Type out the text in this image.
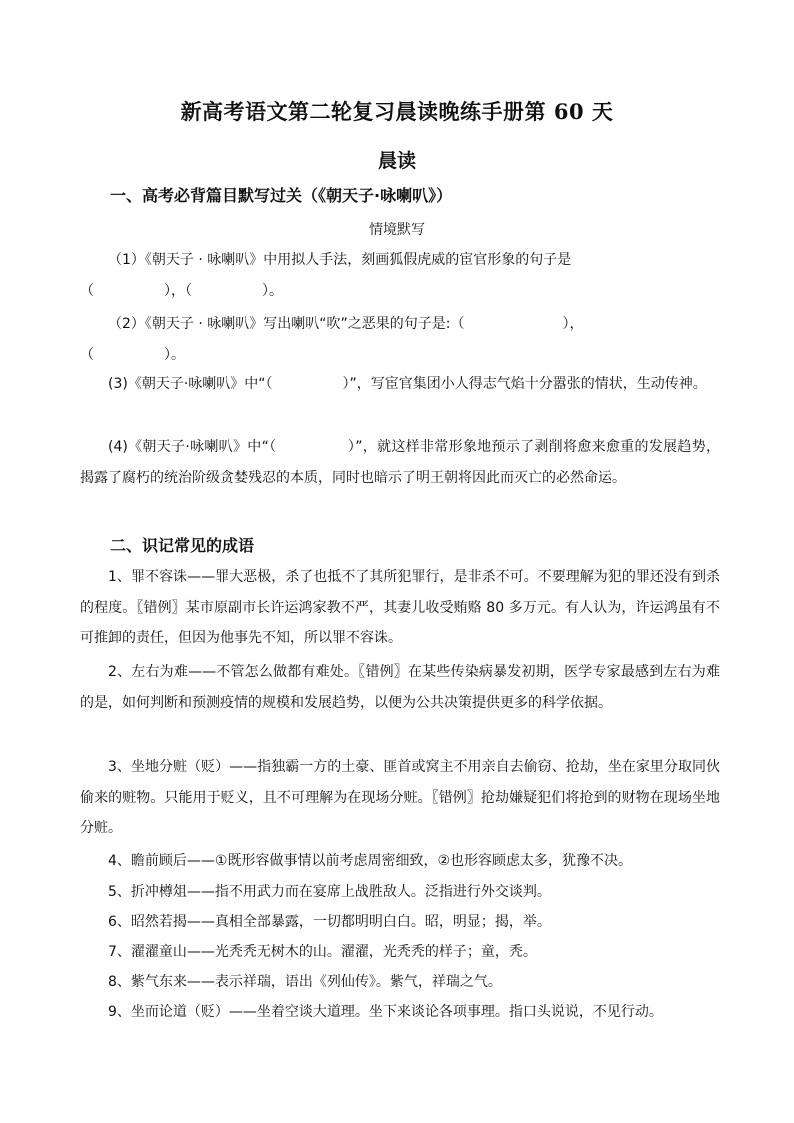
新高考语文第二轮复习晨读晚练手册第 60 天
晨读
一、高考必背篇目默写过关（《朝天子·咏喇叭》）
情境默写
（1）《朝天子 · 咏喇叭》中用拟人手法，刻画狐假虎威的宦官形象的句子是
（　　　　　），（　　　　　）。
（2）《朝天子 · 咏喇叭》写出喇叭“吹”之恶果的句子是:（　　　　　　　），
（　　　　　）。
(3)《朝天子·咏喇叭》中“（　　　　　）”，写宦官集团小人得志气焰十分嚣张的情状，生动传神。
(4)《朝天子·咏喇叭》中“（　　　　　）”，就这样非常形象地预示了剥削将愈来愈重的发展趋势，揭露了腐朽的统治阶级贪婪残忍的本质，同时也暗示了明王朝将因此而灭亡的必然命运。
二、识记常见的成语
1、罪不容诛——罪大恶极，杀了也抵不了其所犯罪行，是非杀不可。不要理解为犯的罪还没有到杀的程度。〖错例〗某市原副市长许运鸿家教不严，其妻儿收受贿赂 80 多万元。有人认为，许运鸿虽有不可推卸的责任，但因为他事先不知，所以罪不容诛。
2、左右为难——不管怎么做都有难处。〖错例〗在某些传染病暴发初期，医学专家最感到左右为难的是，如何判断和预测疫情的规模和发展趋势，以便为公共决策提供更多的科学依据。
3、坐地分赃（贬）——指独霸一方的土豪、匪首或窝主不用亲自去偷窃、抢劫，坐在家里分取同伙偷来的赃物。只能用于贬义，且不可理解为在现场分赃。〖错例〗抢劫嫌疑犯们将抢到的财物在现场坐地分赃。
4、瞻前顾后——①既形容做事情以前考虑周密细致，②也形容顾虑太多，犹豫不决。
5、折冲樽俎——指不用武力而在宴席上战胜敌人。泛指进行外交谈判。
6、昭然若揭——真相全部暴露，一切都明明白白。昭，明显；揭，举。
7、濯濯童山——光秃秃无树木的山。濯濯，光秃秃的样子；童，秃。
8、紫气东来——表示祥瑞，语出《列仙传》。紫气，祥瑞之气。
9、坐而论道（贬）——坐着空谈大道理。坐下来谈论各项事理。指口头说说，不见行动。
